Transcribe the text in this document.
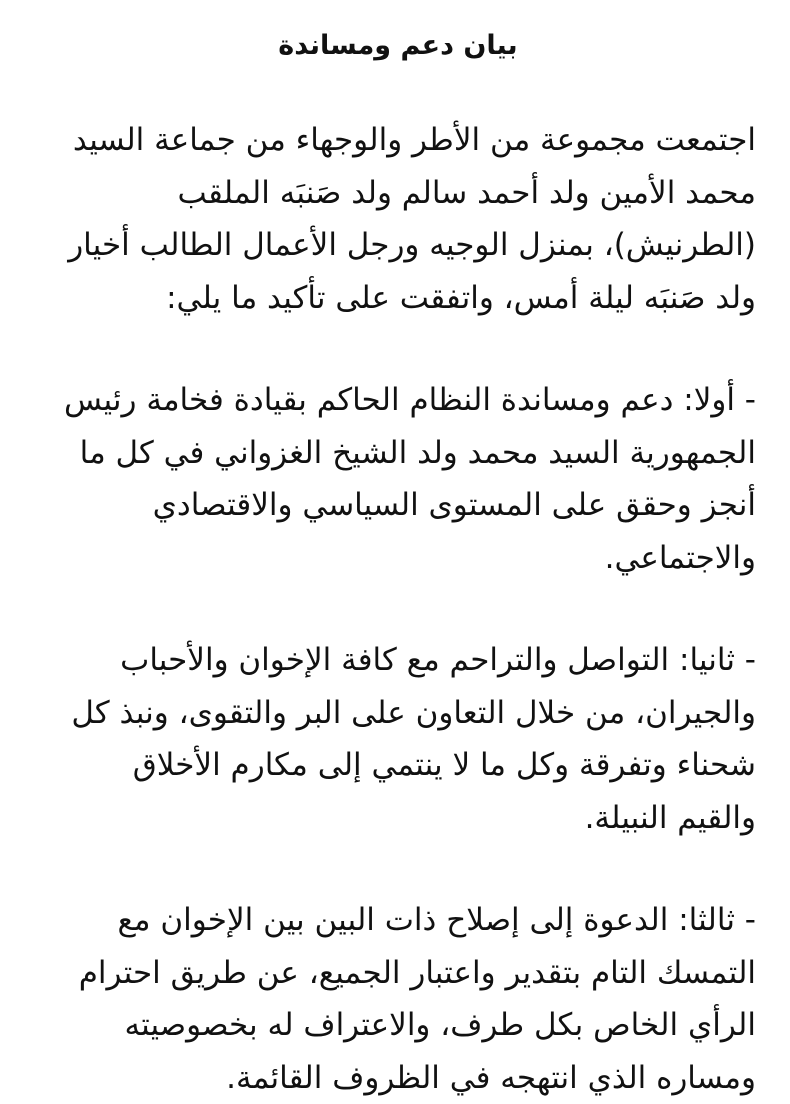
بيان دعم ومساندة
اجتمعت مجموعة من الأطر والوجهاء من جماعة السيد
محمد الأمين ولد أحمد سالم ولد صَنبَه الملقب
(الطرنيش)، بمنزل الوجيه ورجل الأعمال الطالب أخيار
ولد صَنبَه ليلة أمس، واتفقت على تأكيد ما يلي:
- أولا: دعم ومساندة النظام الحاكم بقيادة فخامة رئيس
الجمهورية السيد محمد ولد الشيخ الغزواني في كل ما
أنجز وحقق على المستوى السياسي والاقتصادي
والاجتماعي.
- ثانيا: التواصل والتراحم مع كافة الإخوان والأحباب
والجيران، من خلال التعاون على البر والتقوى، ونبذ كل
شحناء وتفرقة وكل ما لا ينتمي إلى مكارم الأخلاق
والقيم النبيلة.
- ثالثا: الدعوة إلى إصلاح ذات البين بين الإخوان مع
التمسك التام بتقدير واعتبار الجميع، عن طريق احترام
الرأي الخاص بكل طرف، والاعتراف له بخصوصيته
ومساره الذي انتهجه في الظروف القائمة.
